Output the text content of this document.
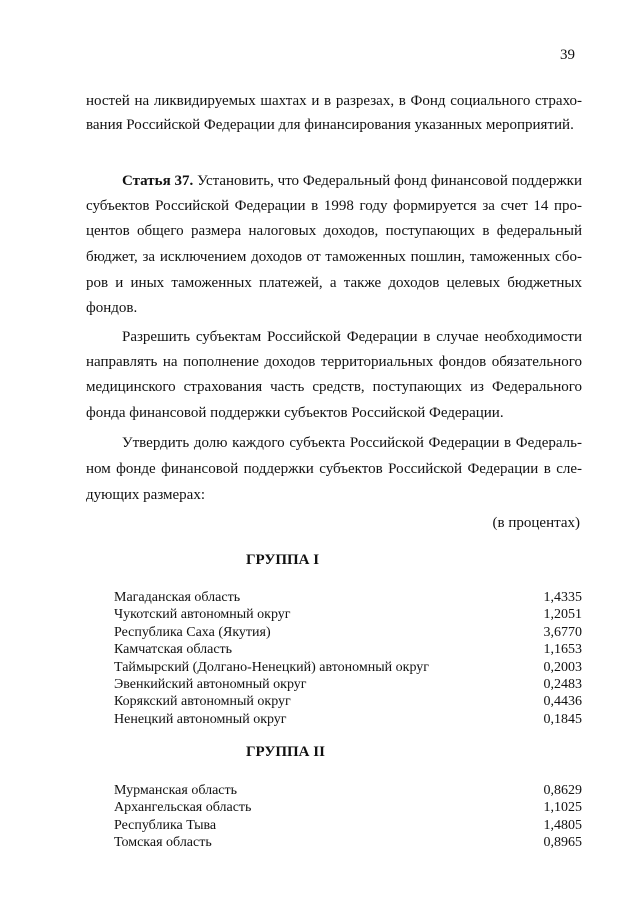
39
ностей на ликвидируемых шахтах и в разрезах, в Фонд социального страхо-
вания Российской Федерации для финансирования указанных мероприятий.
Статья 37. Установить, что Федеральный фонд финансовой поддержки
субъектов Российской Федерации в 1998 году формируется за счет 14 про-
центов общего размера налоговых доходов, поступающих в федеральный
бюджет, за исключением доходов от таможенных пошлин, таможенных сбо-
ров и иных таможенных платежей, а также доходов целевых бюджетных
фондов.
Разрешить субъектам Российской Федерации в случае необходимости
направлять на пополнение доходов территориальных фондов обязательного
медицинского страхования часть средств, поступающих из Федерального
фонда финансовой поддержки субъектов Российской Федерации.
Утвердить долю каждого субъекта Российской Федерации в Федераль-
ном фонде финансовой поддержки субъектов Российской Федерации в сле-
дующих размерах:
(в процентах)
ГРУППА I
Магаданская область	1,4335
Чукотский автономный округ	1,2051
Республика Саха (Якутия)	3,6770
Камчатская область	1,1653
Таймырский (Долгано-Ненецкий) автономный округ	0,2003
Эвенкийский автономный округ	0,2483
Корякский автономный округ	0,4436
Ненецкий автономный округ	0,1845
ГРУППА II
Мурманская область	0,8629
Архангельская область	1,1025
Республика Тыва	1,4805
Томская область	0,8965
